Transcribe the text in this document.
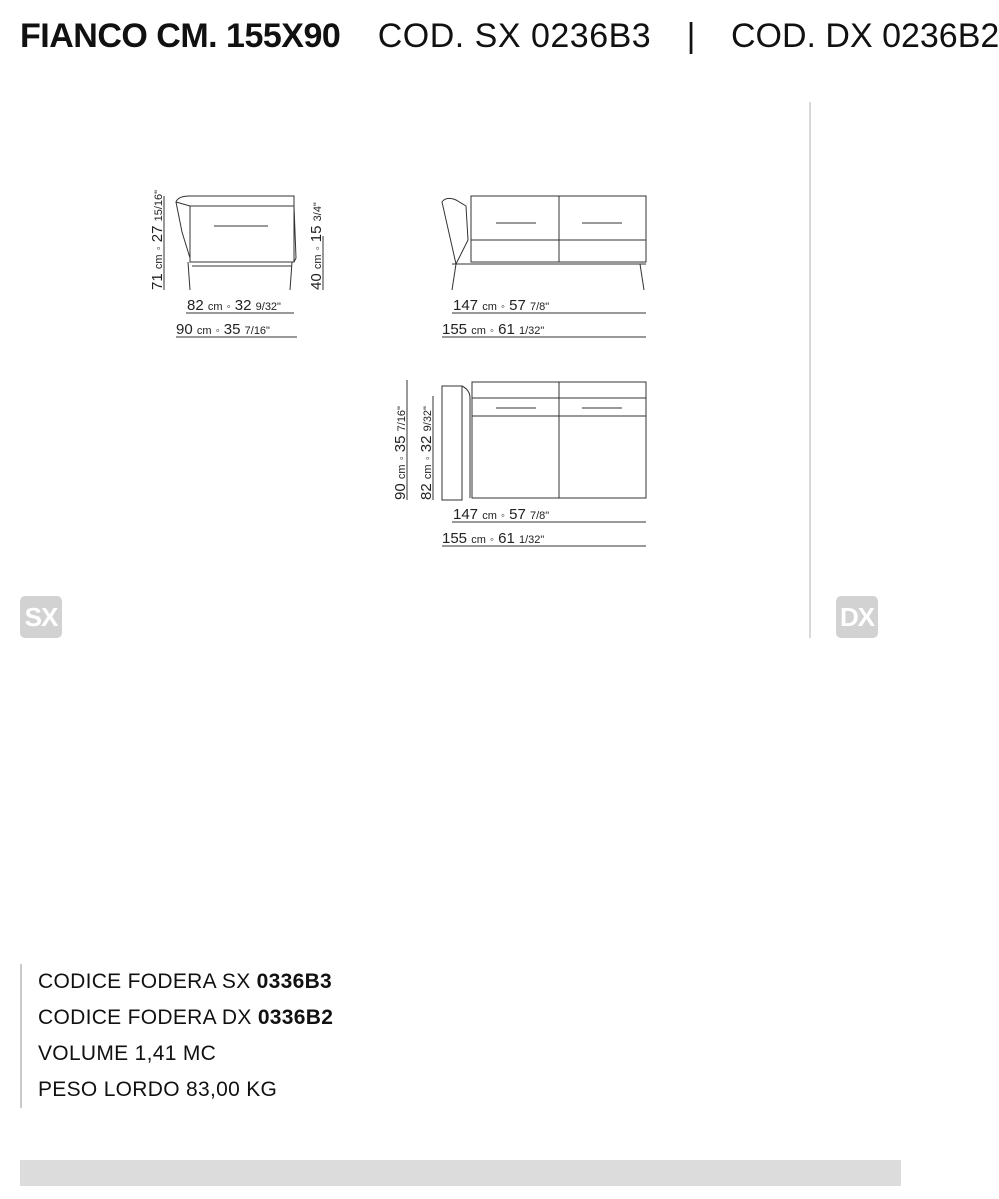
FIANCO CM. 155X90 COD. SX 0236B3 | COD. DX 0236B2
71 cm ◦ 27 15/16"
40 cm ◦ 15 3/4"
82 cm ◦ 32 9/32"
90 cm ◦ 35 7/16"
147 cm ◦ 57 7/8"
155 cm ◦ 61 1/32"
90 cm ◦ 35 7/16"
82 cm ◦ 32 9/32"
147 cm ◦ 57 7/8"
155 cm ◦ 61 1/32"
SX	DX
CODICE FODERA SX 0336B3
CODICE FODERA DX 0336B2
VOLUME 1,41 MC
PESO LORDO 83,00 KG
